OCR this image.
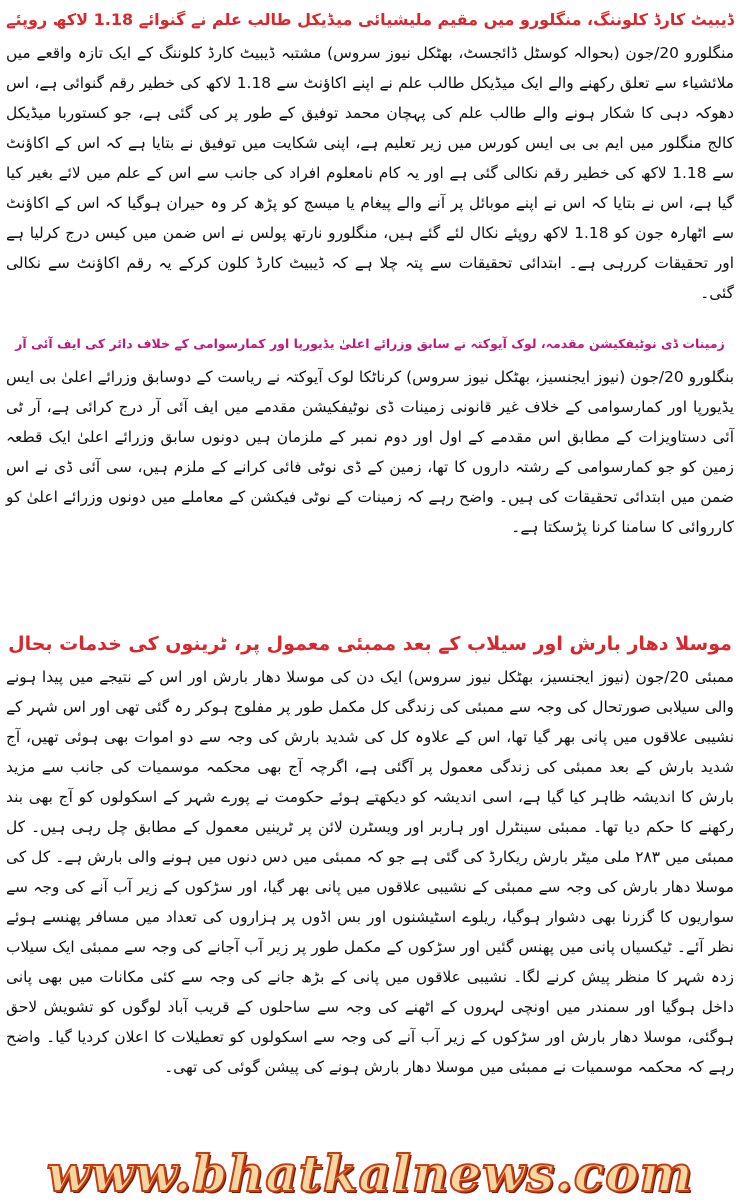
ڈیبیٹ کارڈ کلوننگ، منگلورو میں مقیم ملیشیائی میڈیکل طالب علم نے گنوائے 1.18 لاکھ روپئے

منگلورو 20/جون (بحوالہ کوسٹل ڈائجسٹ، بھٹکل نیوز سروس) مشتبہ ڈیبیٹ کارڈ کلوننگ کے ایک تازہ واقعے میں ملائشیاء سے تعلق رکھنے والے ایک میڈیکل طالب علم نے اپنے اکاؤنٹ سے 1.18 لاکھ کی خطیر رقم گنوائی ہے، اس دھوکہ دہی کا شکار ہونے والے طالب علم کی پہچان محمد توفیق کے طور پر کی گئی ہے، جو کستوربا میڈیکل کالج منگلور میں ایم بی بی ایس کورس میں زیر تعلیم ہے، اپنی شکایت میں توفیق نے بتایا ہے کہ اس کے اکاؤنٹ سے 1.18 لاکھ کی خطیر رقم نکالی گئی ہے اور یہ کام نامعلوم افراد کی جانب سے اس کے علم میں لائے بغیر کیا گیا ہے، اس نے بتایا کہ اس نے اپنے موبائل پر آنے والے پیغام یا میسج کو پڑھ کر وہ حیران ہوگیا کہ اس کے اکاؤنٹ سے اٹھارہ جون کو 1.18 لاکھ روپئے نکال لئے گئے ہیں، منگلورو نارتھ پولس نے اس ضمن میں کیس درج کرلیا ہے اور تحقیقات کررہی ہے۔ ابتدائی تحقیقات سے پتہ چلا ہے کہ ڈیبیٹ کارڈ کلون کرکے یہ رقم اکاؤنٹ سے نکالی گئی۔

زمینات ڈی نوٹیفکیشن مقدمہ، لوک آیوکتہ نے سابق وزرائے اعلیٰ یڈیورپا اور کمارسوامی کے خلاف دائر کی ایف آئی آر

بنگلورو 20/جون (نیوز ایجنسیز، بھٹکل نیوز سروس) کرناٹکا لوک آیوکتہ نے ریاست کے دوسابق وزرائے اعلیٰ بی ایس یڈیورپا اور کمارسوامی کے خلاف غیر قانونی زمینات ڈی نوٹیفکیشن مقدمے میں ایف آئی آر درج کرائی ہے، آر ٹی آئی دستاویزات کے مطابق اس مقدمے کے اول اور دوم نمبر کے ملزمان ہیں دونوں سابق وزرائے اعلیٰ ایک قطعہ زمین کو جو کمارسوامی کے رشتہ داروں کا تھا، زمین کے ڈی نوٹی فائی کرانے کے ملزم ہیں، سی آئی ڈی نے اس ضمن میں ابتدائی تحقیقات کی ہیں۔ واضح رہے کہ زمینات کے نوٹی فیکشن کے معاملے میں دونوں وزرائے اعلیٰ کو کارروائی کا سامنا کرنا پڑسکتا ہے۔

موسلا دھار بارش اور سیلاب کے بعد ممبئی معمول پر، ٹرینوں کی خدمات بحال

ممبئی 20/جون (نیوز ایجنسیز، بھٹکل نیوز سروس) ایک دن کی موسلا دھار بارش اور اس کے نتیجے میں پیدا ہونے والی سیلابی صورتحال کی وجہ سے ممبئی کی زندگی کل مکمل طور پر مفلوج ہوکر رہ گئی تھی اور اس شہر کے نشیبی علاقوں میں پانی بھر گیا تھا، اس کے علاوہ کل کی شدید بارش کی وجہ سے دو اموات بھی ہوئی تھیں، آج شدید بارش کے بعد ممبئی کی زندگی معمول پر آگئی ہے، اگرچہ آج بھی محکمہ موسمیات کی جانب سے مزید بارش کا اندیشہ ظاہر کیا گیا ہے، اسی اندیشہ کو دیکھتے ہوئے حکومت نے پورے شہر کے اسکولوں کو آج بھی بند رکھنے کا حکم دیا تھا۔ ممبئی سینٹرل اور ہاربر اور ویسٹرن لائن پر ٹرینیں معمول کے مطابق چل رہی ہیں۔ کل ممبئی میں ۲۸۳ ملی میٹر بارش ریکارڈ کی گئی ہے جو کہ ممبئی میں دس دنوں میں ہونے والی بارش ہے۔ کل کی موسلا دھار بارش کی وجہ سے ممبئی کے نشیبی علاقوں میں پانی بھر گیا، اور سڑکوں کے زیر آب آنے کی وجہ سے سواریوں کا گزرنا بھی دشوار ہوگیا، ریلوے اسٹیشنوں اور بس اڈوں پر ہزاروں کی تعداد میں مسافر پھنسے ہوئے نظر آئے۔ ٹیکسیاں پانی میں پھنس گئیں اور سڑکوں کے مکمل طور پر زیر آب آجانے کی وجہ سے ممبئی ایک سیلاب زدہ شہر کا منظر پیش کرنے لگا۔ نشیبی علاقوں میں پانی کے بڑھ جانے کی وجہ سے کئی مکانات میں بھی پانی داخل ہوگیا اور سمندر میں اونچی لہروں کے اٹھنے کی وجہ سے ساحلوں کے قریب آباد لوگوں کو تشویش لاحق ہوگئی، موسلا دھار بارش اور سڑکوں کے زیر آب آنے کی وجہ سے اسکولوں کو تعطیلات کا اعلان کردیا گیا۔ واضح رہے کہ محکمہ موسمیات نے ممبئی میں موسلا دھار بارش ہونے کی پیشن گوئی کی تھی۔

www.bhatkalnews.com
